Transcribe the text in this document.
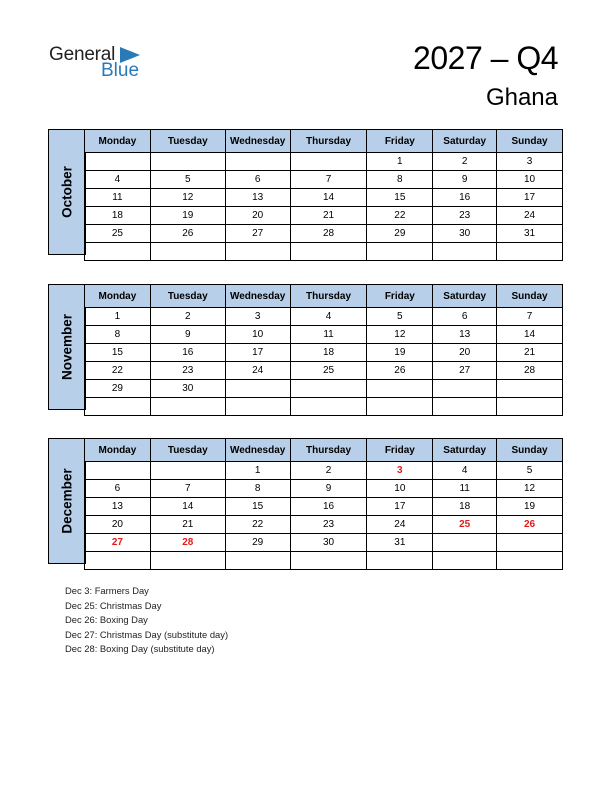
General
Blue	2027 – Q4
Ghana
October
Monday	Tuesday	Wednesday	Thursday	Friday	Saturday	Sunday
				1	2	3
4	5	6	7	8	9	10
11	12	13	14	15	16	17
18	19	20	21	22	23	24
25	26	27	28	29	30	31

November
Monday	Tuesday	Wednesday	Thursday	Friday	Saturday	Sunday
1	2	3	4	5	6	7
8	9	10	11	12	13	14
15	16	17	18	19	20	21
22	23	24	25	26	27	28
29	30					

December
Monday	Tuesday	Wednesday	Thursday	Friday	Saturday	Sunday
		1	2	3	4	5
6	7	8	9	10	11	12
13	14	15	16	17	18	19
20	21	22	23	24	25	26
27	28	29	30	31		

Dec 3: Farmers Day
Dec 25: Christmas Day
Dec 26: Boxing Day
Dec 27: Christmas Day (substitute day)
Dec 28: Boxing Day (substitute day)
